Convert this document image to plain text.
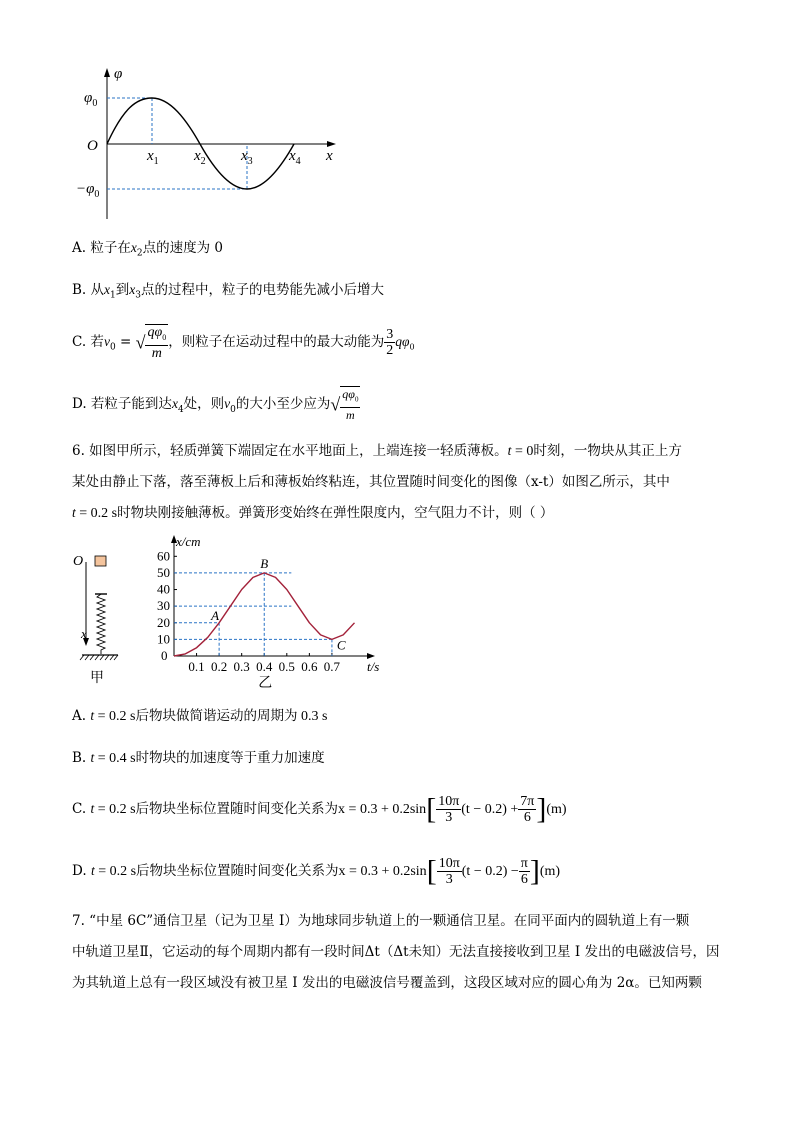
φ
x
O
$\varphi_0$
$-\varphi_0$
$x_1$ $x_2$ $x_3$ $x_4$
A. 粒子在$x_2$点的速度为 0
B. 从$x_1$到$x_3$点的过程中，粒子的电势能先减小后增大
C. 若$v_0$ = √ $\frac{q\varphi_0}{m}$ ，则粒子在运动过程中的最大动能为 $\frac{3}{2} q\varphi_0$
D. 若粒子能到达$x_4$处，则$v_0$的大小至少应为√ $\frac{q\varphi_0}{m}$
6. 如图甲所示，轻质弹簧下端固定在水平地面上，上端连接一轻质薄板。t = 0时刻，一物块从其正上方
某处由静止下落，落至薄板上后和薄板始终粘连，其位置随时间变化的图像（x-t）如图乙所示，其中
t = 0.2 s时物块刚接触薄板。弹簧形变始终在弹性限度内，空气阻力不计，则（ ）
O
x
甲
x/cm
t/s
0
10
20
30
40
50
60
0.1 0.2 0.3 0.4 0.5 0.6 0.7
A
B
C
乙
A. t = 0.2 s后物块做简谐运动的周期为 0.3 s
B. t = 0.4 s时物块的加速度等于重力加速度
C. t = 0.2 s后物块坐标位置随时间变化关系为$x = 0.3 + 0.2\sin[ \frac{10\pi}{3} (t - 0.2) + \frac{7\pi}{6} ](m)$
D. t = 0.2 s后物块坐标位置随时间变化关系为$x = 0.3 + 0.2\sin[ \frac{10\pi}{3} (t - 0.2) - \frac{\pi}{6} ](m)$
7. “中星 6C”通信卫星（记为卫星 I）为地球同步轨道上的一颗通信卫星。在同平面内的圆轨道上有一颗
中轨道卫星Ⅱ，它运动的每个周期内都有一段时间Δt（Δt未知）无法直接接收到卫星 I 发出的电磁波信号，因
为其轨道上总有一段区域没有被卫星 I 发出的电磁波信号覆盖到，这段区域对应的圆心角为 2α。已知两颗
